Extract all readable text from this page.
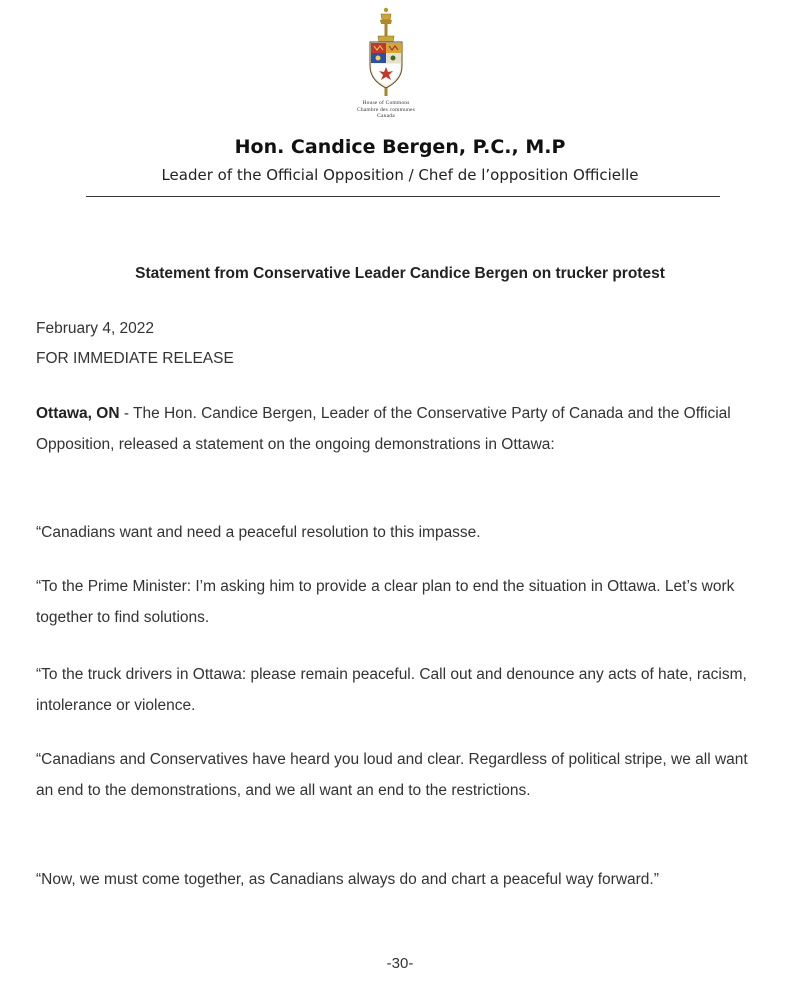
House of Commons
Chambre des communes
Canada
Hon. Candice Bergen, P.C., M.P
Leader of the Official Opposition / Chef de l’opposition Officielle
Statement from Conservative Leader Candice Bergen on trucker protest
February 4, 2022
FOR IMMEDIATE RELEASE
Ottawa, ON - The Hon. Candice Bergen, Leader of the Conservative Party of Canada and the Official Opposition, released a statement on the ongoing demonstrations in Ottawa:
“Canadians want and need a peaceful resolution to this impasse.
“To the Prime Minister: I’m asking him to provide a clear plan to end the situation in Ottawa. Let’s work together to find solutions.
“To the truck drivers in Ottawa: please remain peaceful. Call out and denounce any acts of hate, racism, intolerance or violence.
“Canadians and Conservatives have heard you loud and clear. Regardless of political stripe, we all want an end to the demonstrations, and we all want an end to the restrictions.
“Now, we must come together, as Canadians always do and chart a peaceful way forward.”
-30-
